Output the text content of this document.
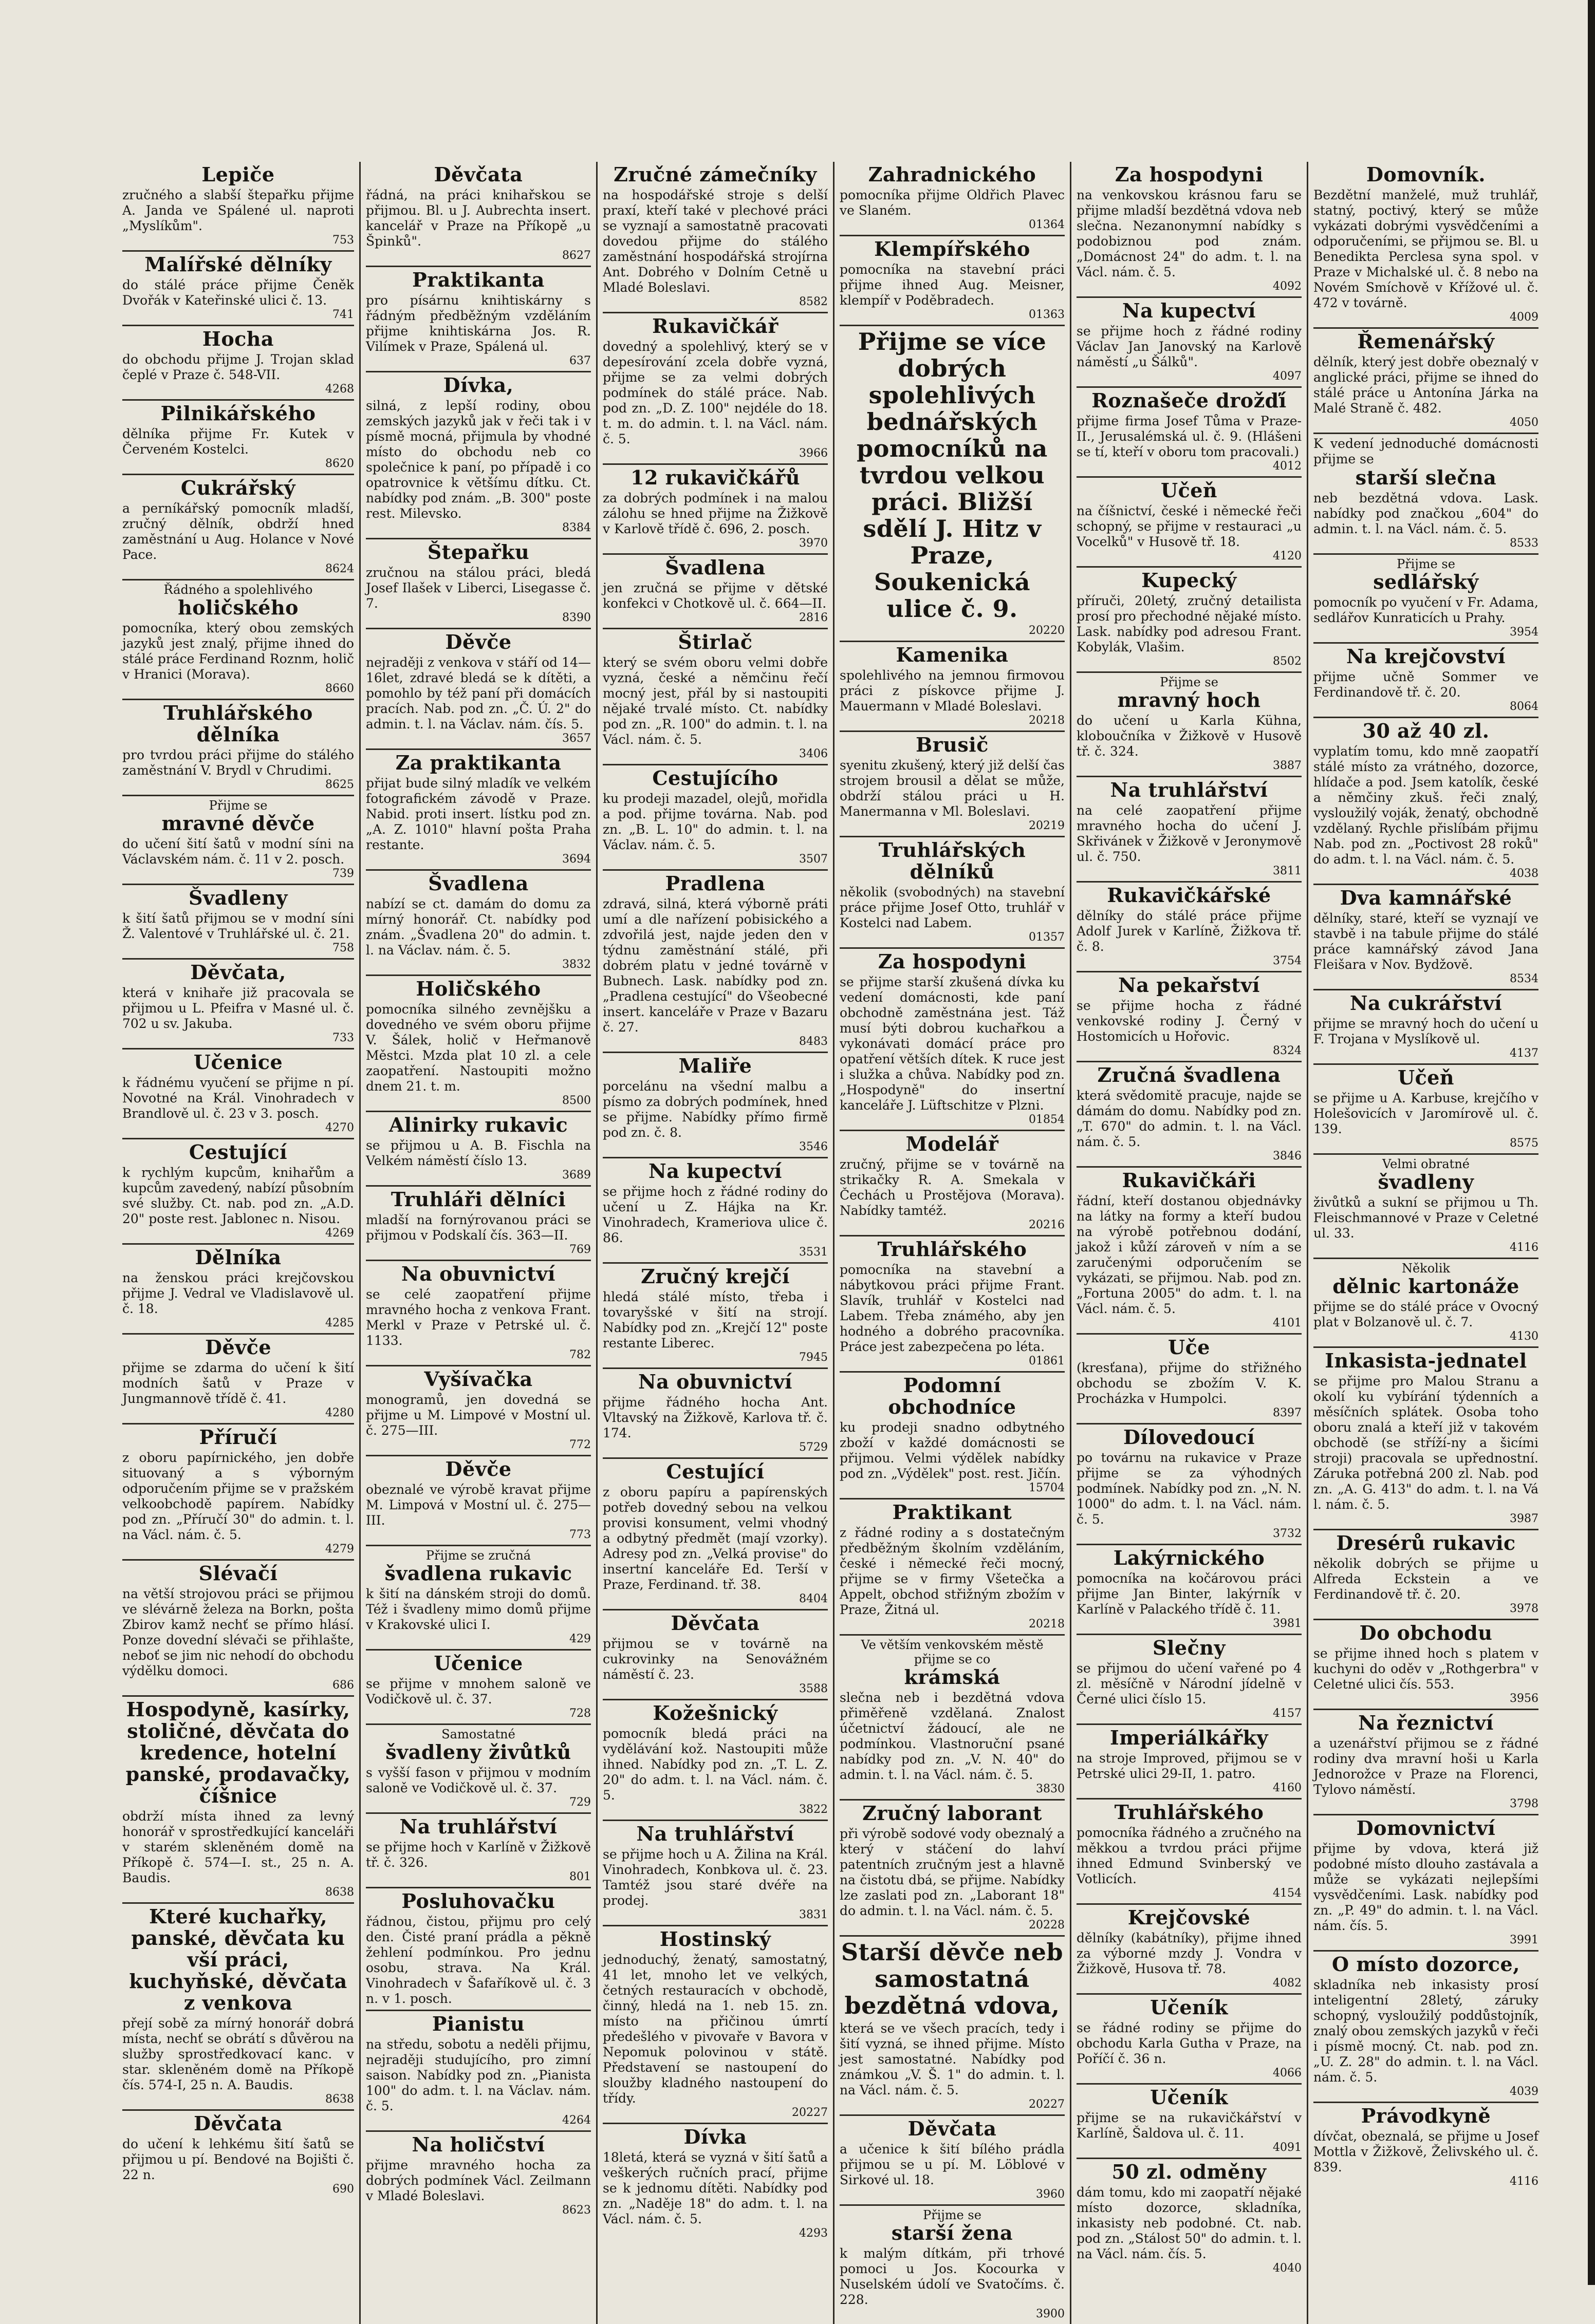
Lepiče

zručného a slabší štepařku přijme A. Janda ve Spálené ul. naproti „Myslíkům".

753

Malířské dělníky

do stálé práce přijme Čeněk Dvořák v Kateřinské ulici č. 13.

741

Hocha

do obchodu přijme J. Trojan sklad čeplé v Praze č. 548-VII.

4268

Pilnikářského

dělníka přijme Fr. Kutek v Červeném Kostelci.

8620

Cukrářský

a perníkářský pomocník mladší, zručný dělník, obdrží hned zaměstnání u Aug. Holance v Nové Pace.

8624

Řádného a spolehlivého
holičského

pomocníka, který obou zemských jazyků jest znalý, přijme ihned do stálé práce Ferdinand Roznm, holič v Hranici (Morava).

8660

Truhlářského dělníka

pro tvrdou práci přijme do stálého zaměstnání V. Brydl v Chrudimi.

8625

Přijme se
mravné děvče

do učení šití šatů v modní síni na Václavském nám. č. 11 v 2. posch.

739

Švadleny

k šití šatů přijmou se v modní síni Ž. Valentové v Truhlářské ul. č. 21.

758

Děvčata,

která v knihaře již pracovala se přijmou u L. Pfeifra v Masné ul. č. 702 u sv. Jakuba.

733

Učenice

k řádnému vyučení se přijme n pí. Novotné na Král. Vinohradech v Brandlově ul. č. 23 v 3. posch.

4270

Cestující

k rychlým kupcům, knihařům a kupcům zavedený, nabízí působním své služby. Ct. nab. pod zn. „A.D. 20" poste rest. Jablonec n. Nisou.

4269

Dělníka

na ženskou práci krejčovskou přijme J. Vedral ve Vladislavově ul. č. 18.

4285

Děvče

přijme se zdarma do učení k šití modních šatů v Praze v Jungmannově třídě č. 41.

4280

Příručí

z oboru papírnického, jen dobře situovaný a s výborným odporučením přijme se v pražském velkoobchodě papírem. Nabídky pod zn. „Příručí 30" do admin. t. l. na Václ. nám. č. 5.

4279

Slévačí

na větší strojovou práci se přijmou ve slévárně železa na Borkn, pošta Zbirov kamž nechť se přímo hlásí. Ponze dovední slévači se přihlašte, neboť se jim nic nehodí do obchodu výdělku domoci.

686

Hospodyně, kasírky, stoličné, děvčata do kredence, hotelní panské, prodavačky, číšnice

obdrží místa ihned za levný honorář v sprostředkující kanceláři v starém skleněném domě na Příkopě č. 574—I. st., 25 n. A. Baudis.

8638

Které kuchařky, panské, děvčata ku vší práci, kuchyňské, děvčata z venkova

přejí sobě za mírný honorář dobrá místa, nechť se obrátí s důvěrou na služby sprostředkovací kanc. v star. skleněném domě na Příkopě čís. 574-I, 25 n. A. Baudis.

8638

Děvčata

do učení k lehkému šití šatů se přijmou u pí. Bendové na Bojišti č. 22 n.

690

Děvčata

řádná, na práci knihařskou se přijmou. Bl. u J. Aubrechta insert. kancelář v Praze na Příkopě „u Špinků".

8627

Praktikanta

pro písárnu knihtiskárny s řádným předběžným vzděláním přijme knihtiskárna Jos. R. Vilímek v Praze, Spálená ul.

637

Dívka,

silná, z lepší rodiny, obou zemských jazyků jak v řeči tak i v písmě mocná, přijmula by vhodné místo do obchodu neb co společnice k paní, po případě i co opatrovnice k většímu dítku. Ct. nabídky pod znám. „B. 300" poste rest. Milevsko.

8384

Štepařku

zručnou na stálou práci, bledá Josef Ilašek v Liberci, Lisegasse č. 7.

8390

Děvče

nejraději z venkova v stáří od 14—16let, zdravé bledá se k dítěti, a pomohlo by též paní při domácích pracích. Nab. pod zn. „Č. Ú. 2" do admin. t. l. na Václav. nám. čís. 5.

3657

Za praktikanta

přijat bude silný mladík ve velkém fotografickém závodě v Praze. Nabid. proti insert. lístku pod zn. „A. Z. 1010" hlavní pošta Praha restante.

3694

Švadlena

nabízí se ct. damám do domu za mírný honorář. Ct. nabídky pod znám. „Švadlena 20" do admin. t. l. na Václav. nám. č. 5.

3832

Holičského

pomocníka silného zevnějšku a dovedného ve svém oboru přijme V. Šálek, holič v Heřmanově Městci. Mzda plat 10 zl. a cele zaopatření. Nastoupiti možno dnem 21. t. m.

8500

Alinirky rukavic

se přijmou u A. B. Fischla na Velkém náměstí číslo 13.

3689

Truhláři dělníci

mladší na fornýrovanou práci se přijmou v Podskalí čís. 363—II.

769

Na obuvnictví

se celé zaopatření přijme mravného hocha z venkova Frant. Merkl v Praze v Petrské ul. č. 1133.

782

Vyšívačka

monogramů, jen dovedná se přijme u M. Limpové v Mostní ul. č. 275—III.

772

Děvče

obeznalé ve výrobě kravat přijme M. Limpová v Mostní ul. č. 275—III.

773

Přijme se zručná
švadlena rukavic

k šití na dánském stroji do domů. Též i švadleny mimo domů přijme v Krakovské ulici I.

429

Učenice

se přijme v mnohem saloně ve Vodičkově ul. č. 37.

728

Samostatné
švadleny živůtků

s vyšší fason v přijmou v modním saloně ve Vodičkově ul. č. 37.

729

Na truhlářství

se přijme hoch v Karlíně v Žižkově tř. č. 326.

801

Posluhovačku

řádnou, čistou, přijmu pro celý den. Čisté praní prádla a pěkně žehlení podmínkou. Pro jednu osobu, strava. Na Král. Vinohradech v Šafaříkově ul. č. 3 n. v 1. posch.

Pianistu

na středu, sobotu a neděli přijmu, nejraději studujícího, pro zimní saison. Nabídky pod zn. „Pianista 100" do adm. t. l. na Václav. nám. č. 5.

4264

Na holičství

přijme mravného hocha za dobrých podmínek Václ. Zeilmann v Mladé Boleslavi.

8623

Zručné zámečníky

na hospodářské stroje s delší praxí, kteří také v plechové práci se vyznají a samostatně pracovati dovedou přijme do stálého zaměstnání hospodářská strojírna Ant. Dobrého v Dolním Cetně u Mladé Boleslavi.

8582

Rukavičkář

dovedný a spolehlivý, který se v depesírování zcela dobře vyzná, přijme se za velmi dobrých podmínek do stálé práce. Nab. pod zn. „D. Z. 100" nejdéle do 18. t. m. do admin. t. l. na Václ. nám. č. 5.

3966

12 rukavičkářů

za dobrých podmínek i na malou zálohu se hned přijme na Žižkově v Karlově třídě č. 696, 2. posch.

3970

Švadlena

jen zručná se přijme v dětské konfekci v Chotkově ul. č. 664—II.

2816

Štirlač

který se svém oboru velmi dobře vyzná, české a němčinu řečí mocný jest, přál by si nastoupiti nějaké trvalé místo. Ct. nabídky pod zn. „R. 100" do admin. t. l. na Václ. nám. č. 5.

3406

Cestujícího

ku prodeji mazadel, olejů, mořidla a pod. přijme továrna. Nab. pod zn. „B. L. 10" do admin. t. l. na Václav. nám. č. 5.

3507

Pradlena

zdravá, silná, která výborně práti umí a dle nařízení pobisického a zdvořilá jest, najde jeden den v týdnu zaměstnání stálé, při dobrém platu v jedné továrně v Bubnech. Lask. nabídky pod zn. „Pradlena cestující" do Všeobecné insert. kanceláře v Praze v Bazaru č. 27.

8483

Maliře

porcelánu na všední malbu a písmo za dobrých podmínek, hned se přijme. Nabídky přímo firmě pod zn. č. 8.

3546

Na kupectví

se přijme hoch z řádné rodiny do učení u Z. Hájka na Kr. Vinohradech, Krameriova ulice č. 86.

3531

Zručný krejčí

hledá stálé místo, třeba i tovaryšské v šití na strojí. Nabídky pod zn. „Krejčí 12" poste restante Liberec.

7945

Na obuvnictví

přijme řádného hocha Ant. Vltavský na Žižkově, Karlova tř. č. 174.

5729

Cestující

z oboru papíru a papírenských potřeb dovedný sebou na velkou provisi konsument, velmi vhodný a odbytný předmět (mají vzorky). Adresy pod zn. „Velká provise" do insertní kanceláře Ed. Terší v Praze, Ferdinand. tř. 38.

8404

Děvčata

přijmou se v továrně na cukrovinky na Senovážném náměstí č. 23.

3588

Kožešnický

pomocník bledá práci na vydělávání kož. Nastoupiti může ihned. Nabídky pod zn. „T. L. Z. 20" do adm. t. l. na Václ. nám. č. 5.

3822

Na truhlářství

se přijme hoch u A. Žilina na Král. Vinohradech, Konbkova ul. č. 23. Tamtéž jsou staré dvéře na prodej.

3831

Hostinský

jednoduchý, ženatý, samostatný, 41 let, mnoho let ve velkých, četných restauracích v obchodě, činný, hledá na 1. neb 15. zn. místo na přičinou úmrtí předešlého v pivovaře v Bavora v Nepomuk polovinou v státě. Představení se nastoupení do sloužby kladného nastoupení do třídy.

20227

Dívka

18letá, která se vyzná v šití šatů a veškerých ručních prací, přijme se k jednomu dítěti. Nabídky pod zn. „Naděje 18" do adm. t. l. na Václ. nám. č. 5.

4293

Zahradnického

pomocníka přijme Oldřich Plavec ve Slaném.

01364

Klempířského

pomocníka na stavební práci přijme ihned Aug. Meisner, klempíř v Poděbradech.

01363

Přijme se více dobrých spolehlivých bednářských pomocníků na tvrdou velkou práci. Bližší sdělí J. Hitz v Praze, Soukenická ulice č. 9.

20220

Kamenika

spolehlivého na jemnou firmovou práci z pískovce přijme J. Mauermann v Mladé Boleslavi.

20218

Brusič

syenitu zkušený, který již delší čas strojem brousil a dělat se může, obdrží stálou práci u H. Manermanna v Ml. Boleslavi.

20219

Truhlářských dělníků

několik (svobodných) na stavební práce přijme Josef Otto, truhlář v Kostelci nad Labem.

01357

Za hospodyni

se přijme starší zkušená dívka ku vedení domácnosti, kde paní obchodně zaměstnána jest. Táž musí býti dobrou kuchařkou a vykonávati domácí práce pro opatření větších dítek. K ruce jest i služka a chůva. Nabídky pod zn. „Hospodyně" do insertní kanceláře J. Lüftschitze v Plzni.

01854

Modelář

zručný, přijme se v továrně na strikačky R. A. Smekala v Čechách u Prostějova (Morava). Nabídky tamtéž.

20216

Truhlářského

pomocníka na stavební a nábytkovou práci přijme Frant. Slavík, truhlář v Kostelci nad Labem. Třeba známého, aby jen hodného a dobrého pracovníka. Práce jest zabezpečena po léta.

01861

Podomní obchodníce

ku prodeji snadno odbytného zboží v každé domácnosti se přijmou. Velmi výdělek nabídky pod zn. „Výdělek" post. rest. Jičín.

15704

Praktikant

z řádné rodiny a s dostatečným předběžným školním vzděláním, české i německé řeči mocný, přijme se v firmy Všetečka a Appelt, obchod střižným zbožím v Praze, Žitná ul.

20218

Ve větším venkovském městě přijme se co
krámská

slečna neb i bezdětná vdova přiměřeně vzdělaná. Znalost účetnictví žádoucí, ale ne podmínkou. Vlastnoruční psané nabídky pod zn. „V. N. 40" do admin. t. l. na Václ. nám. č. 5.

3830

Zručný laborant

při výrobě sodové vody obeznalý a který v stáčení do lahví patentních zručným jest a hlavně na čistotu dbá, se přijme. Nabídky lze zaslati pod zn. „Laborant 18" do admin. t. l. na Václ. nám. č. 5.

20228

Starší děvče neb samostatná bezdětná vdova,

která se ve všech pracích, tedy i šití vyzná, se ihned přijme. Místo jest samostatné. Nabídky pod známkou „V. Š. 1" do admin. t. l. na Václ. nám. č. 5.

20227

Děvčata

a učenice k šití bílého prádla přijmou se u pí. M. Löblové v Sirkové ul. 18.

3960

Přijme se
starší žena

k malým dítkám, při trhové pomoci u Jos. Kocourka v Nuselském údolí ve Svatočíms. č. 228.

3900

Za hospodyni

na venkovskou krásnou faru se přijme mladší bezdětná vdova neb slečna. Nezanonymní nabídky s podobiznou pod znám. „Domácnost 24" do adm. t. l. na Václ. nám. č. 5.

4092

Na kupectví

se přijme hoch z řádné rodiny Václav Jan Janovský na Karlově náměstí „u Šálků".

4097

Roznašeče drožďí

přijme firma Josef Tůma v Praze-II., Jerusalémská ul. č. 9. (Hlášeni se tí, kteří v oboru tom pracovali.)

4012

Učeň

na číšnictví, české i německé řeči schopný, se přijme v restauraci „u Vocelků" v Husově tř. 18.

4120

Kupecký

příruči, 20letý, zručný detailista prosí pro přechodné nějaké místo. Lask. nabídky pod adresou Frant. Kobylák, Vlašim.

8502

Přijme se
mravný hoch

do učení u Karla Kühna, kloboučníka v Žižkově v Husově tř. č. 324.

3887

Na truhlářství

na celé zaopatření přijme mravného hocha do učení J. Skřivánek v Žižkově v Jeronymově ul. č. 750.

3811

Rukavičkářské

dělníky do stálé práce přijme Adolf Jurek v Karlíně, Žižkova tř. č. 8.

3754

Na pekařství

se přijme hocha z řádné venkovské rodiny J. Černý v Hostomicích u Hořovic.

8324

Zručná švadlena

která svědomitě pracuje, najde se dámám do domu. Nabídky pod zn. „T. 670" do admin. t. l. na Václ. nám. č. 5.

3846

Rukavičkáři

řádní, kteří dostanou objednávky na látky na formy a kteří budou na výrobě potřebnou dodání, jakož i kůží zároveň v ním a se zaručenými odporučením se vykázati, se přijmou. Nab. pod zn. „Fortuna 2005" do adm. t. l. na Václ. nám. č. 5.

4101

Uče

(kresťana), přijme do střižného obchodu se zbožím V. K. Procházka v Humpolci.

8397

Dílovedoucí

po továrnu na rukavice v Praze přijme se za výhodných podmínek. Nabídky pod zn. „N. N. 1000" do adm. t. l. na Václ. nám. č. 5.

3732

Lakýrnického

pomocníka na kočárovou práci přijme Jan Binter, lakýrník v Karlíně v Palackého třídě č. 11.

3981

Slečny

se přijmou do učení vařené po 4 zl. měsíčně v Národní jídelně v Černé ulici číslo 15.

4157

Imperiálkářky

na stroje Improved, přijmou se v Petrské ulici 29-II, 1. patro.

4160

Truhlářského

pomocníka řádného a zručného na měkkou a tvrdou práci přijme ihned Edmund Svinberský ve Votlicích.

4154

Krejčovské

dělníky (kabátníky), přijme ihned za výborné mzdy J. Vondra v Žižkově, Husova tř. 78.

4082

Učeník

se řádné rodiny se přijme do obchodu Karla Gutha v Praze, na Poříčí č. 36 n.

4066

Učeník

přijme se na rukavičkářství v Karlíně, Šaldova ul. č. 11.

4091

50 zl. odměny

dám tomu, kdo mi zaopatří nějaké místo dozorce, skladníka, inkasisty neb podobné. Ct. nab. pod zn. „Stálost 50" do admin. t. l. na Václ. nám. čís. 5.

4040

Domovník.

Bezdětní manželé, muž truhlář, statný, poctivý, který se může vykázati dobrými vysvědčeními a odporučeními, se přijmou se. Bl. u Benedikta Perclesa syna spol. v Praze v Michalské ul. č. 8 nebo na Novém Smíchově v Křížové ul. č. 472 v továrně.

4009

Řemenářský

dělník, který jest dobře obeznalý v anglické práci, přijme se ihned do stálé práce u Antonína Járka na Malé Straně č. 482.

4050

K vedení jednoduché domácnosti přijme se

starší slečna

neb bezdětná vdova. Lask. nabídky pod značkou „604" do admin. t. l. na Václ. nám. č. 5.

8533

Přijme se
sedlářský

pomocník po vyučení v Fr. Adama, sedlářov Kunraticích u Prahy.

3954

Na krejčovství

přijme učně Sommer ve Ferdinandově tř. č. 20.

8064

30 až 40 zl.

vyplatím tomu, kdo mně zaopatří stálé místo za vrátného, dozorce, hlídače a pod. Jsem katolík, české a němčiny zkuš. řeči znalý, vysloužilý voják, ženatý, obchodně vzdělaný. Rychle přislíbám přijmu Nab. pod zn. „Poctivost 28 roků" do adm. t. l. na Václ. nám. č. 5.

4038

Dva kamnářské

dělníky, staré, kteří se vyznají ve stavbě i na tabule přijme do stálé práce kamnářský závod Jana Fleišara v Nov. Bydžově.

8534

Na cukrářství

přijme se mravný hoch do učení u F. Trojana v Myslíkově ul.

4137

Učeň

se přijme u A. Karbuse, krejčího v Holešovicích v Jaromírově ul. č. 139.

8575

Velmi obratné
švadleny

živůtků a sukní se přijmou u Th. Fleischmannové v Praze v Celetné ul. 33.

4116

Několik
dělnic kartonáže

přijme se do stálé práce v Ovocný plat v Bolzanově ul. č. 7.

4130

Inkasista-jednatel

se přijme pro Malou Stranu a okolí ku vybírání týdenních a měsíčních splátek. Osoba toho oboru znalá a kteří již v takovém obchodě (se stříží-ny a šicími stroji) pracovala se upřednostní. Záruka potřebná 200 zl. Nab. pod zn. „A. G. 413" do adm. t. l. na Vá l. nám. č. 5.

3987

Dresérů rukavic

několik dobrých se přijme u Alfreda Eckstein a ve Ferdinandově tř. č. 20.

3978

Do obchodu

se přijme ihned hoch s platem v kuchyni do oděv v „Rothgerbra" v Celetné ulici čís. 553.

3956

Na řeznictví

a uzenářství přijmou se z řádné rodiny dva mravní hoši u Karla Jednorožce v Praze na Florenci, Tylovo náměstí.

3798

Domovnictví

přijme by vdova, která již podobné místo dlouho zastávala a může se vykázati nejlepšími vysvědčeními. Lask. nabídky pod zn. „P. 49" do admin. t. l. na Václ. nám. čís. 5.

3991

O místo dozorce,

skladníka neb inkasisty prosí inteligentní 28letý, záruky schopný, vysloužilý poddůstojník, znalý obou zemských jazyků v řeči i písmě mocný. Ct. nab. pod zn. „U. Z. 28" do admin. t. l. na Václ. nám. č. 5.

4039

Právodkyně

dívčat, obeznalá, se přijme u Josef Mottla v Žižkově, Želivského ul. č. 839.

4116
